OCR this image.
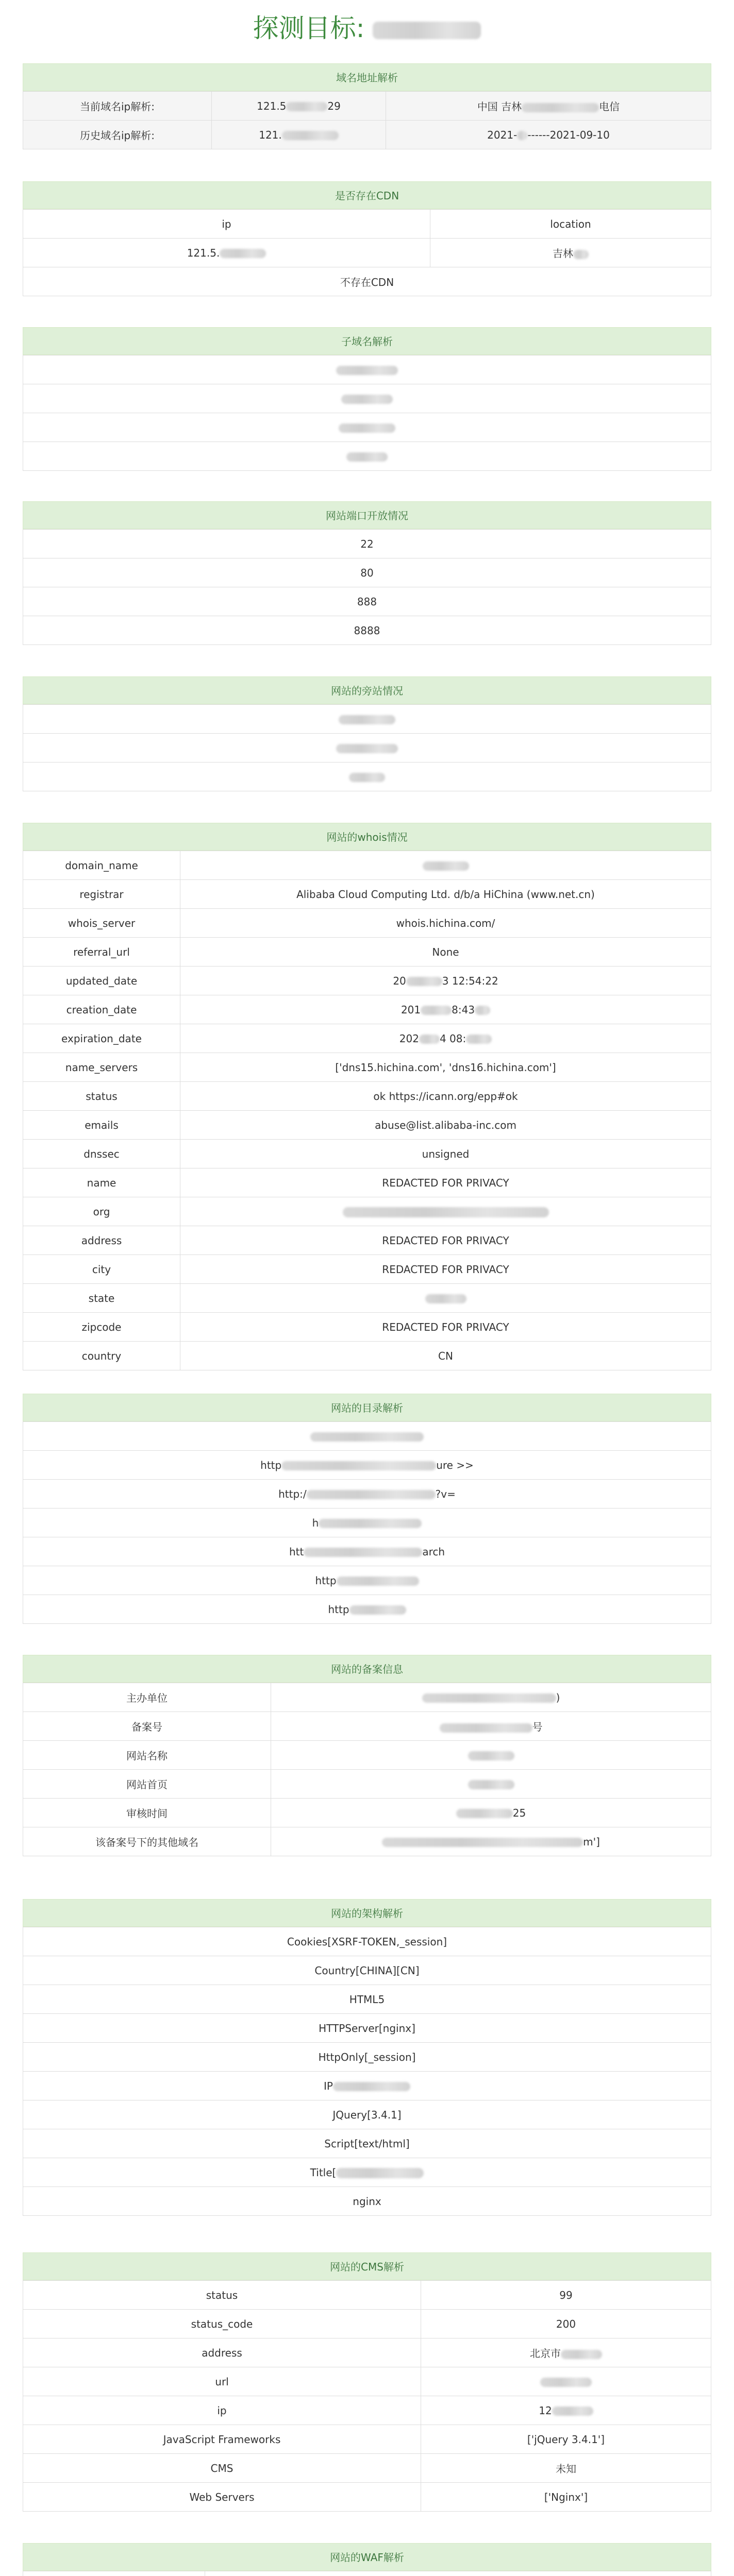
探测目标:
域名地址解析
当前域名ip解析:	121.5 29	中国 吉林 电信
历史域名ip解析:	121.	2021- ------2021-09-10
是否存在CDN
ip	location
121.5.	吉林
不存在CDN	
子域名解析

网站端口开放情况
22
80
888
8888
网站的旁站情况

网站的whois情况
domain_name	
registrar	Alibaba Cloud Computing Ltd. d/b/a HiChina (www.net.cn)
whois_server	whois.hichina.com/
referral_url	None
updated_date	20 3 12:54:22
creation_date	201 8:43
expiration_date	202 4 08:
name_servers	['dns15.hichina.com', 'dns16.hichina.com']
status	ok https://icann.org/epp#ok
emails	abuse@list.alibaba-inc.com
dnssec	unsigned
name	REDACTED FOR PRIVACY
org	
address	REDACTED FOR PRIVACY
city	REDACTED FOR PRIVACY
state	
zipcode	REDACTED FOR PRIVACY
country	CN
网站的目录解析

http	ure >>
http:/	?v=
h
htt	arch
http
http
网站的备案信息
主办单位	)
备案号	号
网站名称	
网站首页	
审核时间	25
该备案号下的其他域名	m']
网站的架构解析
Cookies[XSRF-TOKEN,_session]
Country[CHINA][CN]
HTML5
HTTPServer[nginx]
HttpOnly[_session]
IP
JQuery[3.4.1]
Script[text/html]
Title[
nginx
网站的CMS解析
status	99
status_code	200
address	北京市
url	
ip	12
JavaScript Frameworks	['jQuery 3.4.1']
CMS	未知
Web Servers	['Nginx']
网站的WAF解析
